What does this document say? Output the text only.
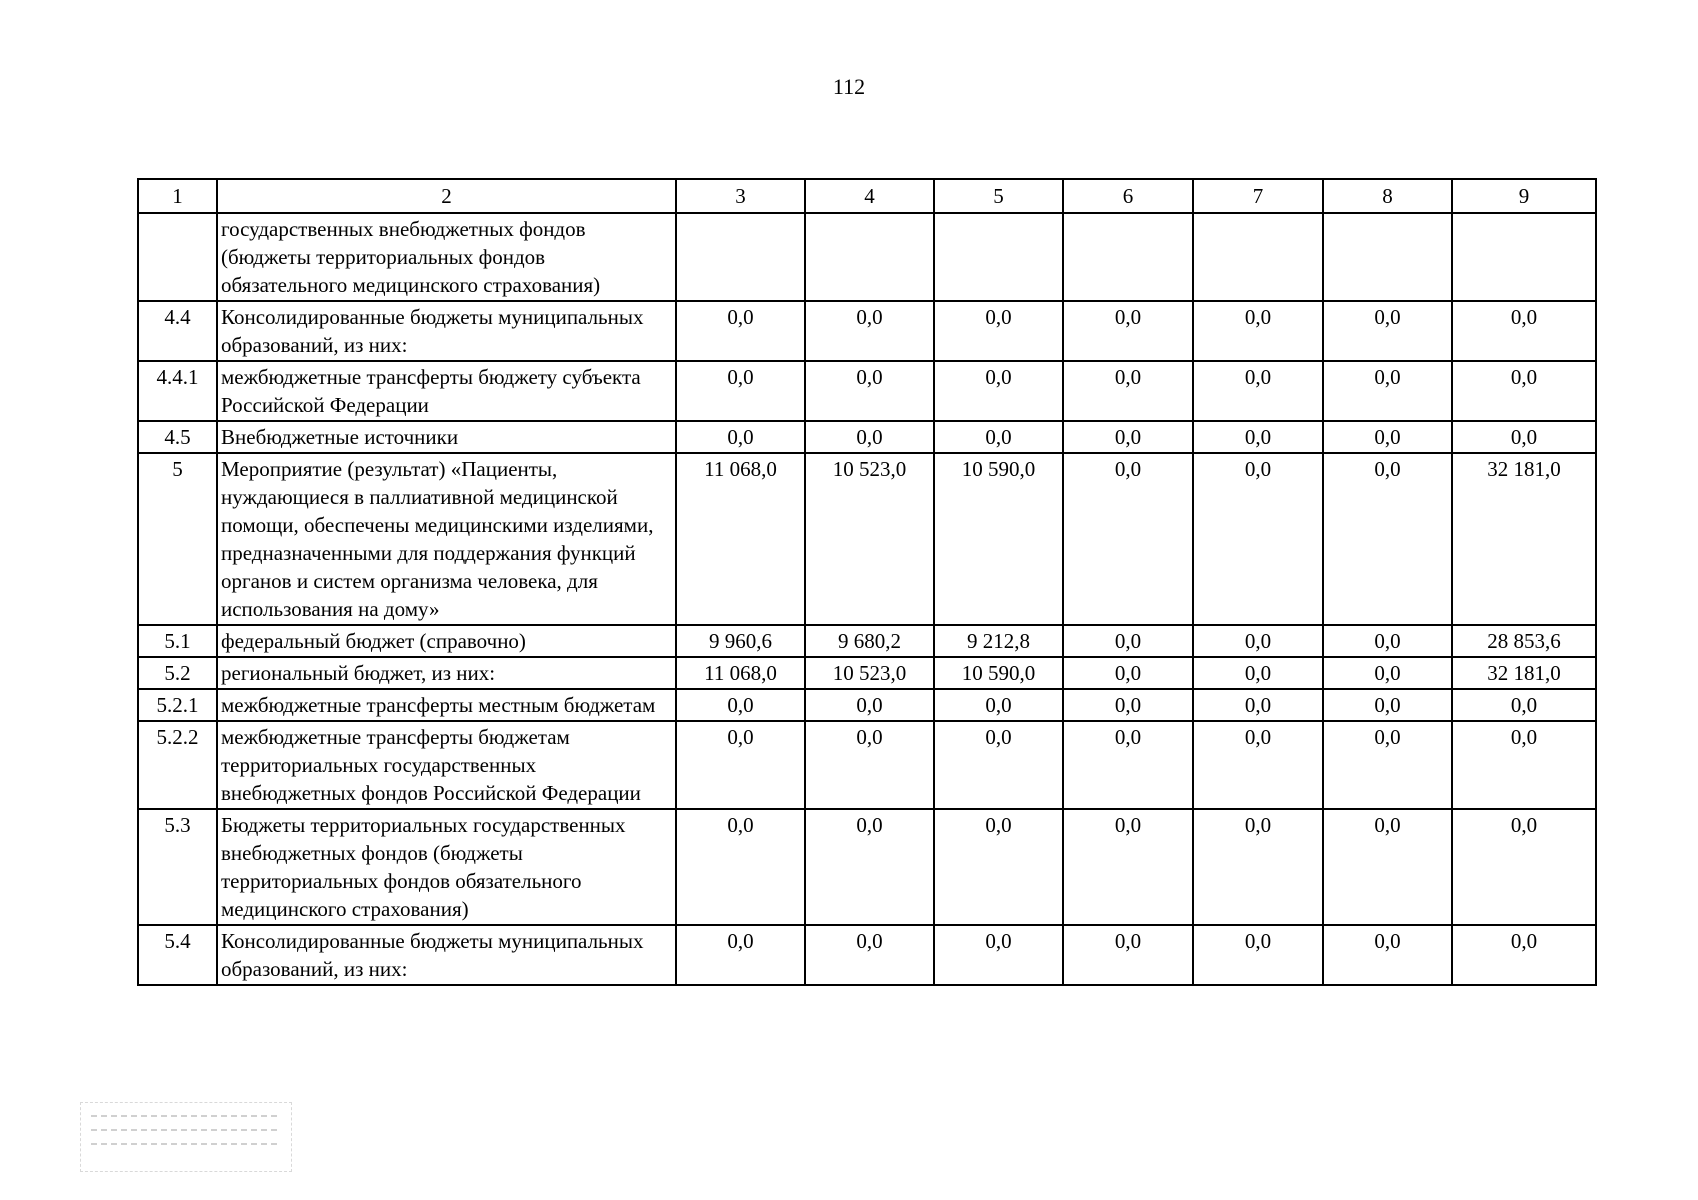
112
1	2	3	4	5	6	7	8	9
	государственных внебюджетных фондов (бюджеты территориальных фондов обязательного медицинского страхования)							
4.4	Консолидированные бюджеты муниципальных образований, из них:	0,0	0,0	0,0	0,0	0,0	0,0	0,0
4.4.1	межбюджетные трансферты бюджету субъекта Российской Федерации	0,0	0,0	0,0	0,0	0,0	0,0	0,0
4.5	Внебюджетные источники	0,0	0,0	0,0	0,0	0,0	0,0	0,0
5	Мероприятие (результат) «Пациенты, нуждающиеся в паллиативной медицинской помощи, обеспечены медицинскими изделиями, предназначенными для поддержания функций органов и систем организма человека, для использования на дому»	11 068,0	10 523,0	10 590,0	0,0	0,0	0,0	32 181,0
5.1	федеральный бюджет (справочно)	9 960,6	9 680,2	9 212,8	0,0	0,0	0,0	28 853,6
5.2	региональный бюджет, из них:	11 068,0	10 523,0	10 590,0	0,0	0,0	0,0	32 181,0
5.2.1	межбюджетные трансферты местным бюджетам	0,0	0,0	0,0	0,0	0,0	0,0	0,0
5.2.2	межбюджетные трансферты бюджетам территориальных государственных внебюджетных фондов Российской Федерации	0,0	0,0	0,0	0,0	0,0	0,0	0,0
5.3	Бюджеты территориальных государственных внебюджетных фондов (бюджеты территориальных фондов обязательного медицинского страхования)	0,0	0,0	0,0	0,0	0,0	0,0	0,0
5.4	Консолидированные бюджеты муниципальных образований, из них:	0,0	0,0	0,0	0,0	0,0	0,0	0,0
